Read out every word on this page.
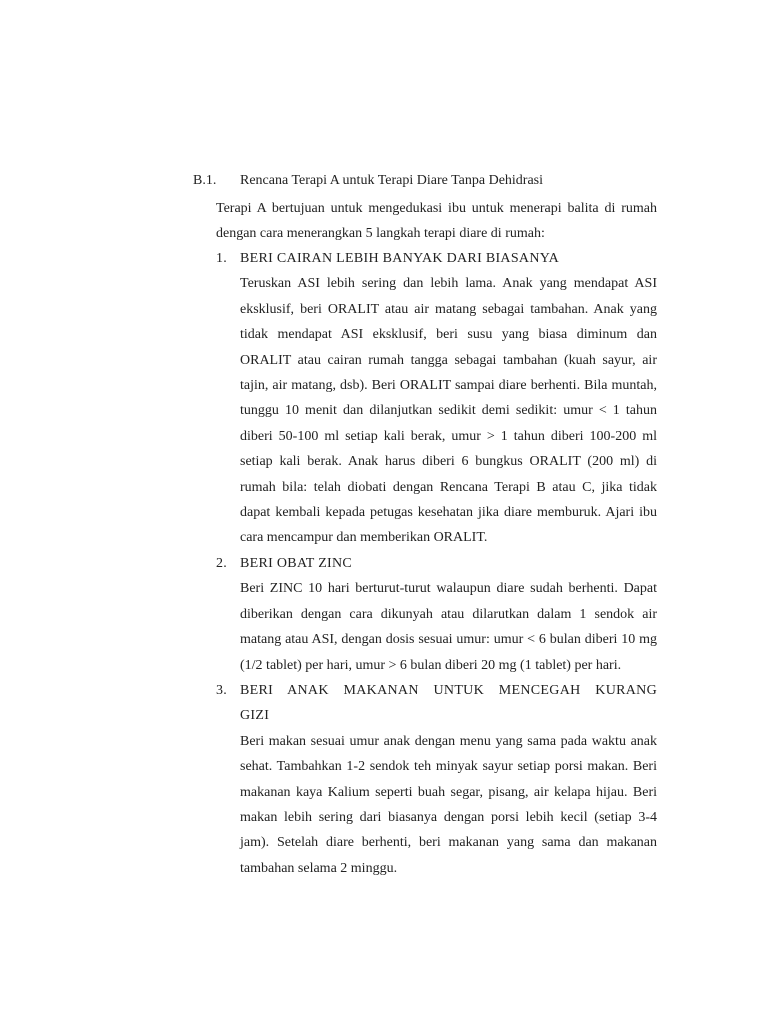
B.1. Rencana Terapi A untuk Terapi Diare Tanpa Dehidrasi
Terapi A bertujuan untuk mengedukasi ibu untuk menerapi balita di rumah dengan cara menerangkan 5 langkah terapi diare di rumah:
1. BERI CAIRAN LEBIH BANYAK DARI BIASANYA
Teruskan ASI lebih sering dan lebih lama. Anak yang mendapat ASI eksklusif, beri ORALIT atau air matang sebagai tambahan. Anak yang tidak mendapat ASI eksklusif, beri susu yang biasa diminum dan ORALIT atau cairan rumah tangga sebagai tambahan (kuah sayur, air tajin, air matang, dsb). Beri ORALIT sampai diare berhenti. Bila muntah, tunggu 10 menit dan dilanjutkan sedikit demi sedikit: umur < 1 tahun diberi 50-100 ml setiap kali berak, umur > 1 tahun diberi 100-200 ml setiap kali berak. Anak harus diberi 6 bungkus ORALIT (200 ml) di rumah bila: telah diobati dengan Rencana Terapi B atau C, jika tidak dapat kembali kepada petugas kesehatan jika diare memburuk. Ajari ibu cara mencampur dan memberikan ORALIT.
2. BERI OBAT ZINC
Beri ZINC 10 hari berturut-turut walaupun diare sudah berhenti. Dapat diberikan dengan cara dikunyah atau dilarutkan dalam 1 sendok air matang atau ASI, dengan dosis sesuai umur: umur < 6 bulan diberi 10 mg (1/2 tablet) per hari, umur > 6 bulan diberi 20 mg (1 tablet) per hari.
3. BERI ANAK MAKANAN UNTUK MENCEGAH KURANG GIZI
Beri makan sesuai umur anak dengan menu yang sama pada waktu anak sehat. Tambahkan 1-2 sendok teh minyak sayur setiap porsi makan. Beri makanan kaya Kalium seperti buah segar, pisang, air kelapa hijau. Beri makan lebih sering dari biasanya dengan porsi lebih kecil (setiap 3-4 jam). Setelah diare berhenti, beri makanan yang sama dan makanan tambahan selama 2 minggu.
